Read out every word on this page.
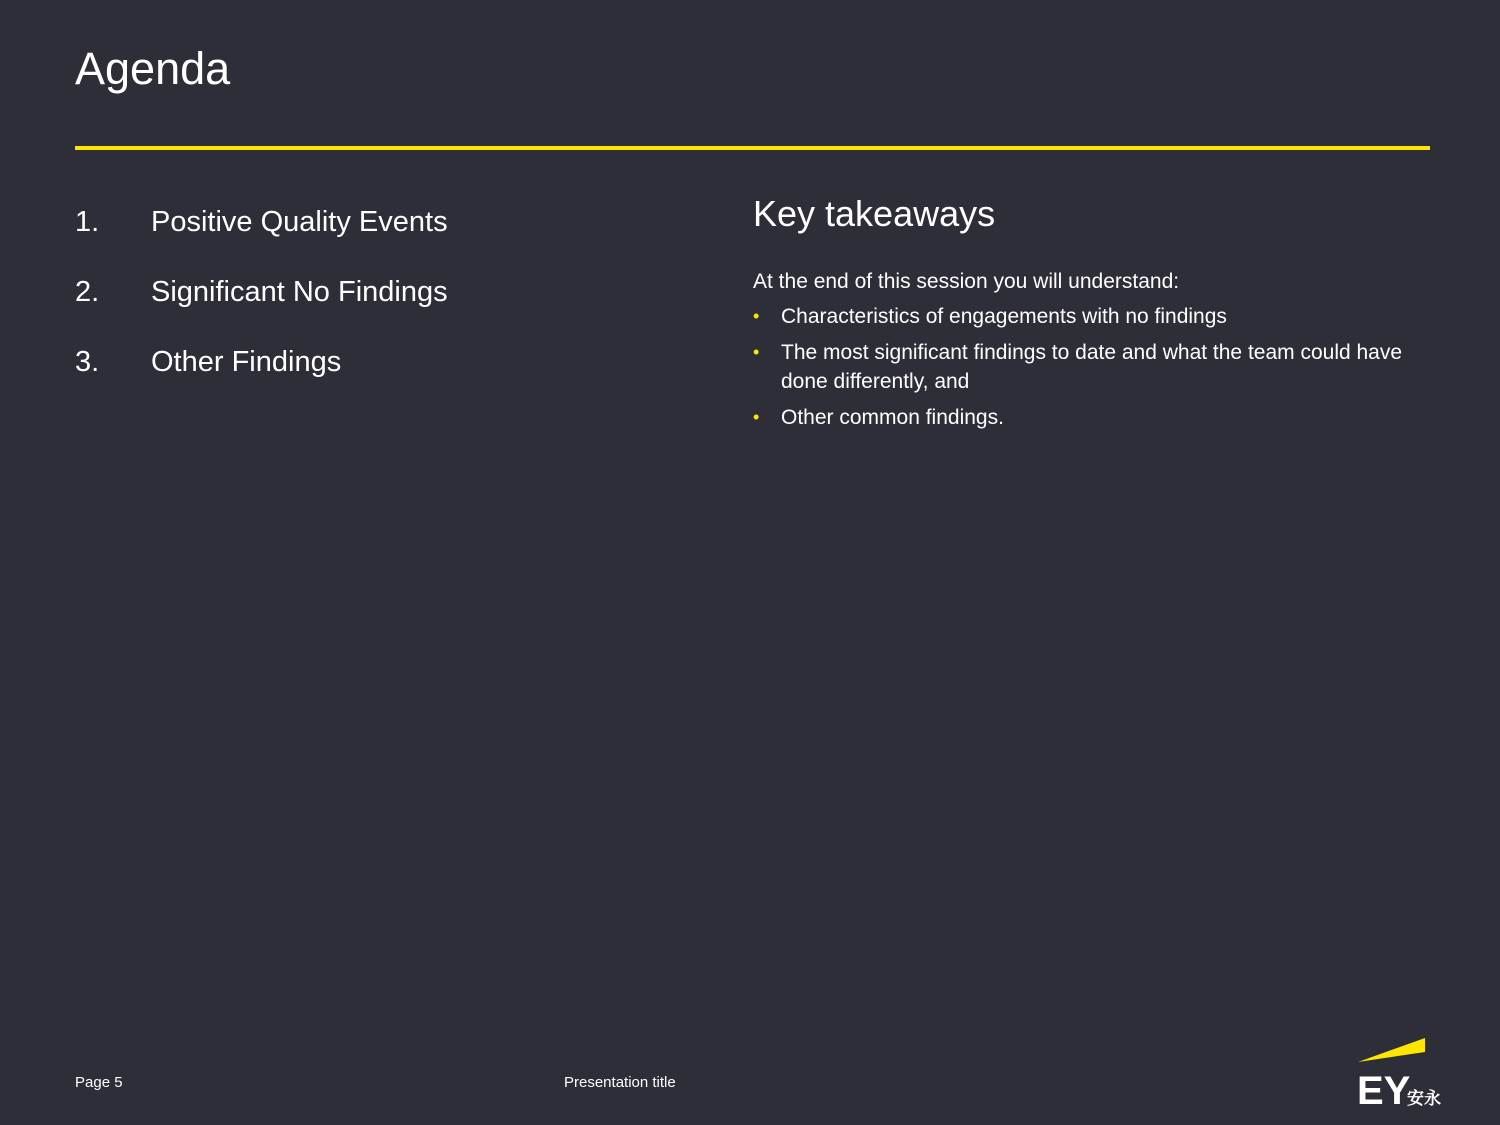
Agenda
1.	Positive Quality Events
2.	Significant No Findings
3.	Other Findings
Key takeaways

At the end of this session you will understand:

•	Characteristics of engagements with no findings
•	The most significant findings to date and what the team could have done differently, and
•	Other common findings.
Page 5	Presentation title	EY
安永
